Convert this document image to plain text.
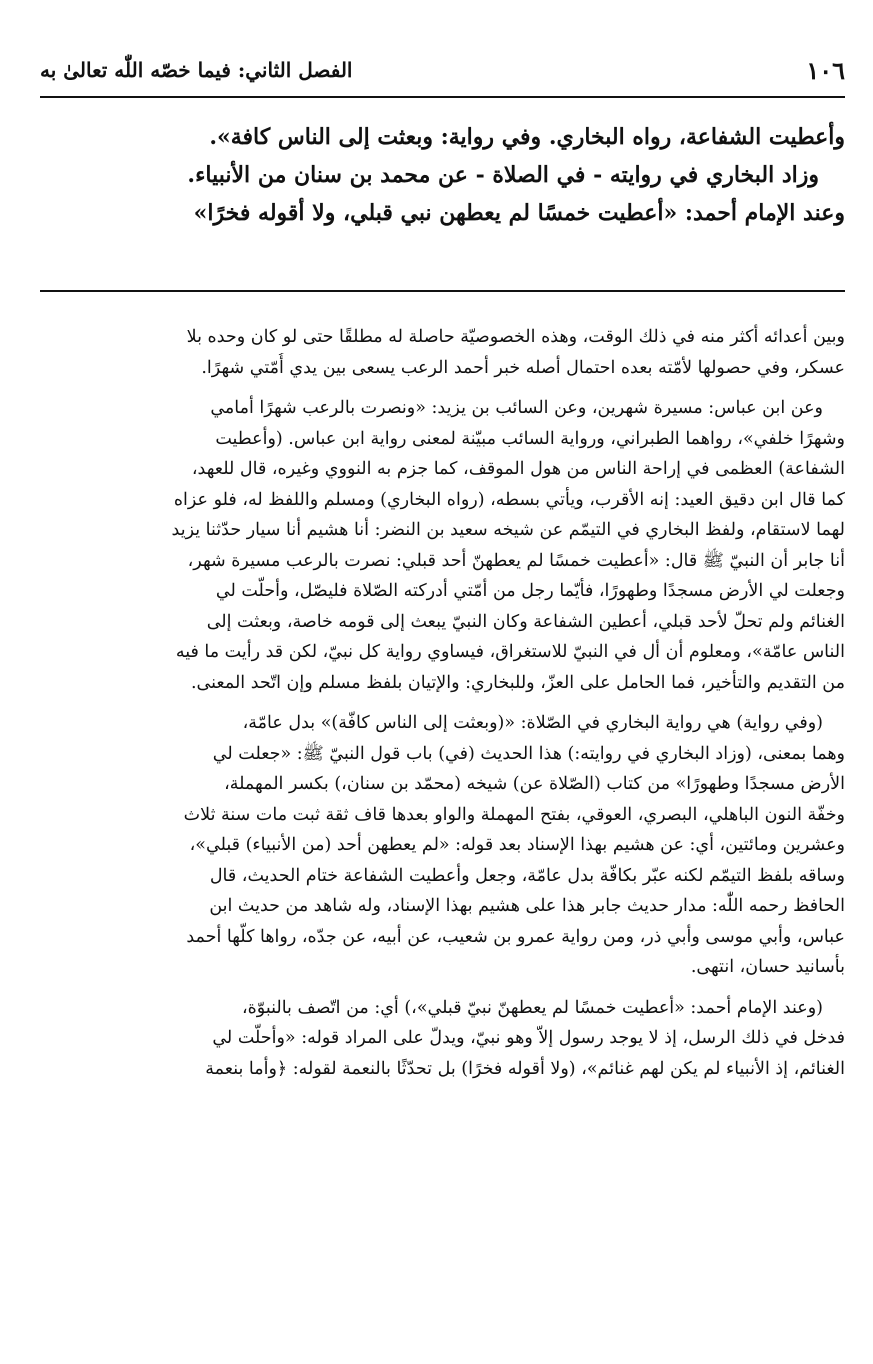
١٠٦
الفصل الثاني: فيما خصّه اللّٰه تعالىٰ به
وأعطيت الشفاعة، رواه البخاري. وفي رواية: وبعثت إلى الناس كافة».
وزاد البخاري في روايته - في الصلاة - عن محمد بن سنان من الأنبياء.
وعند الإمام أحمد: «أعطيت خمسًا لم يعطهن نبي قبلي، ولا أقوله فخرًا»
وبين أعدائه أكثر منه في ذلك الوقت، وهذه الخصوصيّة حاصلة له مطلقًا حتى لو كان وحده بلا
عسكر، وفي حصولها لأمّته بعده احتمال أصله خبر أحمد الرعب يسعى بين يدي أُمّتي شهرًا.
وعن ابن عباس: مسيرة شهرين، وعن السائب بن يزيد: «ونصرت بالرعب شهرًا أمامي
وشهرًا خلفي»، رواهما الطبراني، ورواية السائب مبيّنة لمعنى رواية ابن عباس. (وأعطيت
الشفاعة) العظمى في إراحة الناس من هول الموقف، كما جزم به النووي وغيره، قال للعهد،
كما قال ابن دقيق العيد: إنه الأقرب، ويأتي بسطه، (رواه البخاري) ومسلم واللفظ له، فلو عزاه
لهما لاستقام، ولفظ البخاري في التيمّم عن شيخه سعيد بن النضر: أنا هشيم أنا سيار حدّثنا يزيد
أنا جابر أن النبيّ ﷺ قال: «أعطيت خمسًا لم يعطهنّ أحد قبلي: نصرت بالرعب مسيرة شهر،
وجعلت لي الأرض مسجدًا وطهورًا، فأيّما رجل من أمّتي أدركته الصّلاة فليصّل، وأحلّت لي
الغنائم ولم تحلّ لأحد قبلي، أعطين الشفاعة وكان النبيّ يبعث إلى قومه خاصة، وبعثت إلى
الناس عامّة»، ومعلوم أن أل في النبيّ للاستغراق، فيساوي رواية كل نبيّ، لكن قد رأيت ما فيه
من التقديم والتأخير، فما الحامل على العزّ، وللبخاري: والإتيان بلفظ مسلم وإن اتّحد المعنى.
(وفي رواية) هي رواية البخاري في الصّلاة: «(وبعثت إلى الناس كافّة)» بدل عامّة،
وهما بمعنى، (وزاد البخاري في روايته:) هذا الحديث (في) باب قول النبيّ ﷺ: «جعلت لي
الأرض مسجدًا وطهورًا» من كتاب (الصّلاة عن) شيخه (محمّد بن سنان،) بكسر المهملة،
وخفّة النون الباهلي، البصري، العوقي، بفتح المهملة والواو بعدها قاف ثقة ثبت مات سنة ثلاث
وعشرين ومائتين، أي: عن هشيم بهذا الإسناد بعد قوله: «لم يعطهن أحد (من الأنبياء) قبلي»،
وساقه بلفظ التيمّم لكنه عبّر بكافّة بدل عامّة، وجعل وأعطيت الشفاعة ختام الحديث، قال
الحافظ رحمه اللّٰه: مدار حديث جابر هذا على هشيم بهذا الإسناد، وله شاهد من حديث ابن
عباس، وأبي موسى وأبي ذر، ومن رواية عمرو بن شعيب، عن أبيه، عن جدّه، رواها كلّها أحمد
بأسانيد حسان، انتهى.
(وعند الإمام أحمد: «أعطيت خمسًا لم يعطهنّ نبيّ قبلي»،) أي: من اتّصف بالنبوّة،
فدخل في ذلك الرسل، إذ لا يوجد رسول إلاّ وهو نبيّ، ويدلّ على المراد قوله: «وأحلّت لي
الغنائم، إذ الأنبياء لم يكن لهم غنائم»، (ولا أقوله فخرًا) بل تحدّثًا بالنعمة لقوله: ﴿وأما بنعمة
